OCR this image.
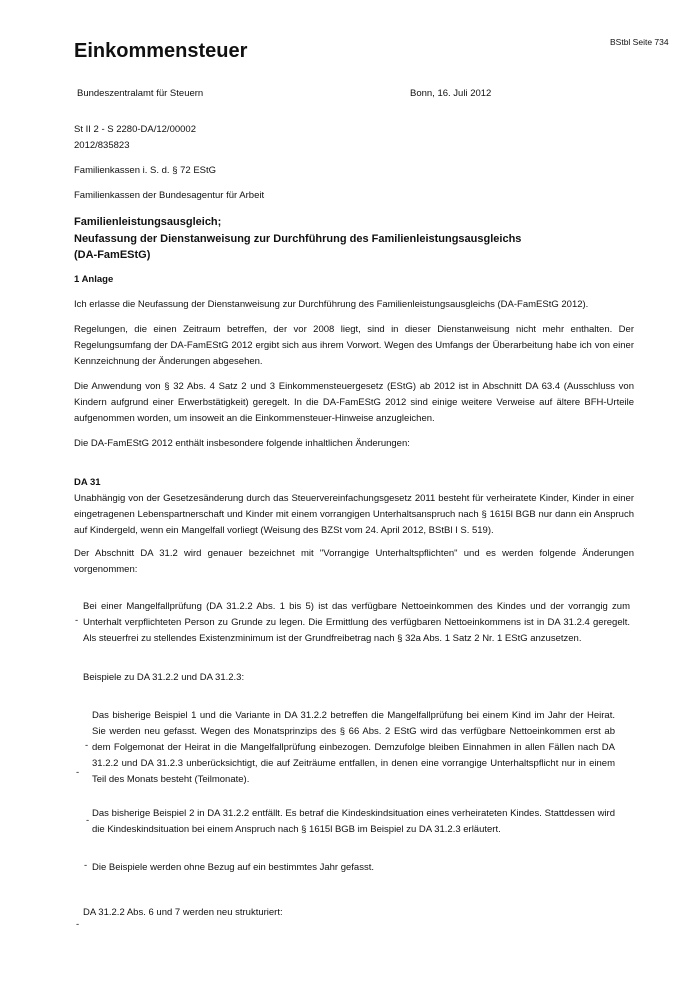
BStbl Seite 734
Einkommensteuer
Bundeszentralamt für Steuern	Bonn, 16. Juli 2012
St II 2 - S 2280-DA/12/00002
2012/835823
Familienkassen i. S. d. § 72 EStG
Familienkassen der Bundesagentur für Arbeit
Familienleistungsausgleich;
Neufassung der Dienstanweisung zur Durchführung des Familienleistungsausgleichs
(DA-FamEStG)
1 Anlage
Ich erlasse die Neufassung der Dienstanweisung zur Durchführung des Familienleistungsausgleichs (DA-FamEStG 2012).
Regelungen, die einen Zeitraum betreffen, der vor 2008 liegt, sind in dieser Dienstanweisung nicht mehr enthalten. Der Regelungsumfang der DA-FamEStG 2012 ergibt sich aus ihrem Vorwort. Wegen des Umfangs der Überarbeitung habe ich von einer Kennzeichnung der Änderungen abgesehen.
Die Anwendung von § 32 Abs. 4 Satz 2 und 3 Einkommensteuergesetz (EStG) ab 2012 ist in Abschnitt DA 63.4 (Ausschluss von Kindern aufgrund einer Erwerbstätigkeit) geregelt. In die DA-FamEStG 2012 sind einige weitere Verweise auf ältere BFH-Urteile aufgenommen worden, um insoweit an die Einkommensteuer-Hinweise anzugleichen.
Die DA-FamEStG 2012 enthält insbesondere folgende inhaltlichen Änderungen:
DA 31
Unabhängig von der Gesetzesänderung durch das Steuervereinfachungsgesetz 2011 besteht für verheiratete Kinder, Kinder in einer eingetragenen Lebenspartnerschaft und Kinder mit einem vorrangigen Unterhaltsanspruch nach § 1615l BGB nur dann ein Anspruch auf Kindergeld, wenn ein Mangelfall vorliegt (Weisung des BZSt vom 24. April 2012, BStBl I S. 519).
Der Abschnitt DA 31.2 wird genauer bezeichnet mit "Vorrangige Unterhaltspflichten" und es werden folgende Änderungen vorgenommen:
-
Bei einer Mangelfallprüfung (DA 31.2.2 Abs. 1 bis 5) ist das verfügbare Nettoeinkommen des Kindes und der vorrangig zum Unterhalt verpflichteten Person zu Grunde zu legen. Die Ermittlung des verfügbaren Nettoeinkommens ist in DA 31.2.4 geregelt. Als steuerfrei zu stellendes Existenzminimum ist der Grundfreibetrag nach § 32a Abs. 1 Satz 2 Nr. 1 EStG anzusetzen.
Beispiele zu DA 31.2.2 und DA 31.2.3:
-
-
Das bisherige Beispiel 1 und die Variante in DA 31.2.2 betreffen die Mangelfallprüfung bei einem Kind im Jahr der Heirat. Sie werden neu gefasst. Wegen des Monatsprinzips des § 66 Abs. 2 EStG wird das verfügbare Nettoeinkommen erst ab dem Folgemonat der Heirat in die Mangelfallprüfung einbezogen. Demzufolge bleiben Einnahmen in allen Fällen nach DA 31.2.2 und DA 31.2.3 unberücksichtigt, die auf Zeiträume entfallen, in denen eine vorrangige Unterhaltspflicht nur in einem Teil des Monats besteht (Teilmonate).
-
Das bisherige Beispiel 2 in DA 31.2.2 entfällt. Es betraf die Kindeskindsituation eines verheirateten Kindes. Stattdessen wird die Kindeskindsituation bei einem Anspruch nach § 1615l BGB im Beispiel zu DA 31.2.3 erläutert.
- Die Beispiele werden ohne Bezug auf ein bestimmtes Jahr gefasst.
DA 31.2.2 Abs. 6 und 7 werden neu strukturiert:
-
